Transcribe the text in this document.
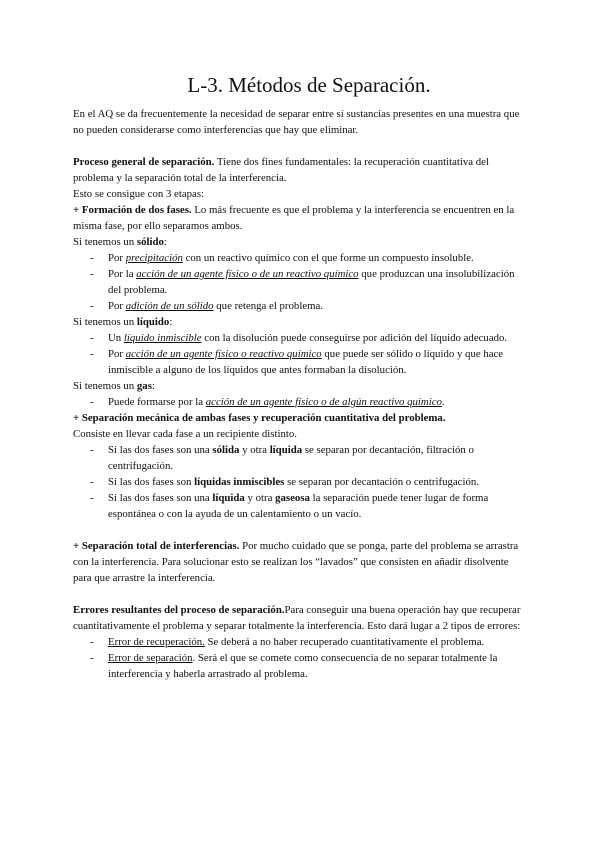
L-3. Métodos de Separación.

En el AQ se da frecuentemente la necesidad de separar entre sí sustancias presentes en una muestra que no pueden considerarse como interferencias que hay que eliminar.

Proceso general de separación. Tiene dos fines fundamentales: la recuperación cuantitativa del problema y la separación total de la interferencia.

Esto se consigue con 3 etapas:

+ Formación de dos fases. Lo más frecuente es que el problema y la interferencia se encuentren en la misma fase, por ello separamos ambos.

Si tenemos un sólido:

- Por precipitación con un reactivo químico con el que forme un compuesto insoluble.
- Por la acción de un agente físico o de un reactivo químico que produzcan una insolubilización del problema.
- Por adición de un sólido que retenga el problema.

Si tenemos un líquido:

- Un líquido inmiscible con la disolución puede conseguirse por adición del líquido adecuado.
- Por acción de un agente físico o reactivo químico que puede ser sólido o líquido y que hace inmiscible a alguno de los líquidos que antes formaban la disolución.

Si tenemos un gas:

- Puede formarse por la acción de un agente físico o de algún reactivo químico.

+ Separación mecánica de ambas fases y recuperación cuantitativa del problema.

Consiste en llevar cada fase a un recipiente distinto.

- Si las dos fases son una sólida y otra líquida se separan por decantación, filtración o centrifugación.
- Si las dos fases son líquidas inmiscibles se separan por decantación o centrifugación.
- Si las dos fases son una líquida y otra gaseosa la separación puede tener lugar de forma espontánea o con la ayuda de un calentamiento o un vacío.

+ Separación total de interferencias. Por mucho cuidado que se ponga, parte del problema se arrastra con la interferencia. Para solucionar esto se realizan los “lavados” que consisten en añadir disolvente para que arrastre la interferencia.

Errores resultantes del proceso de separación.Para conseguir una buena operación hay que recuperar cuantitativamente el problema y separar totalmente la interferencia. Esto dará lugar a 2 tipos de errores:

- Error de recuperación. Se deberá a no haber recuperado cuantitativamente el problema.
- Error de separación. Será el que se comete como consecuencia de no separar totalmente la interferencia y haberla arrastrado al problema.
